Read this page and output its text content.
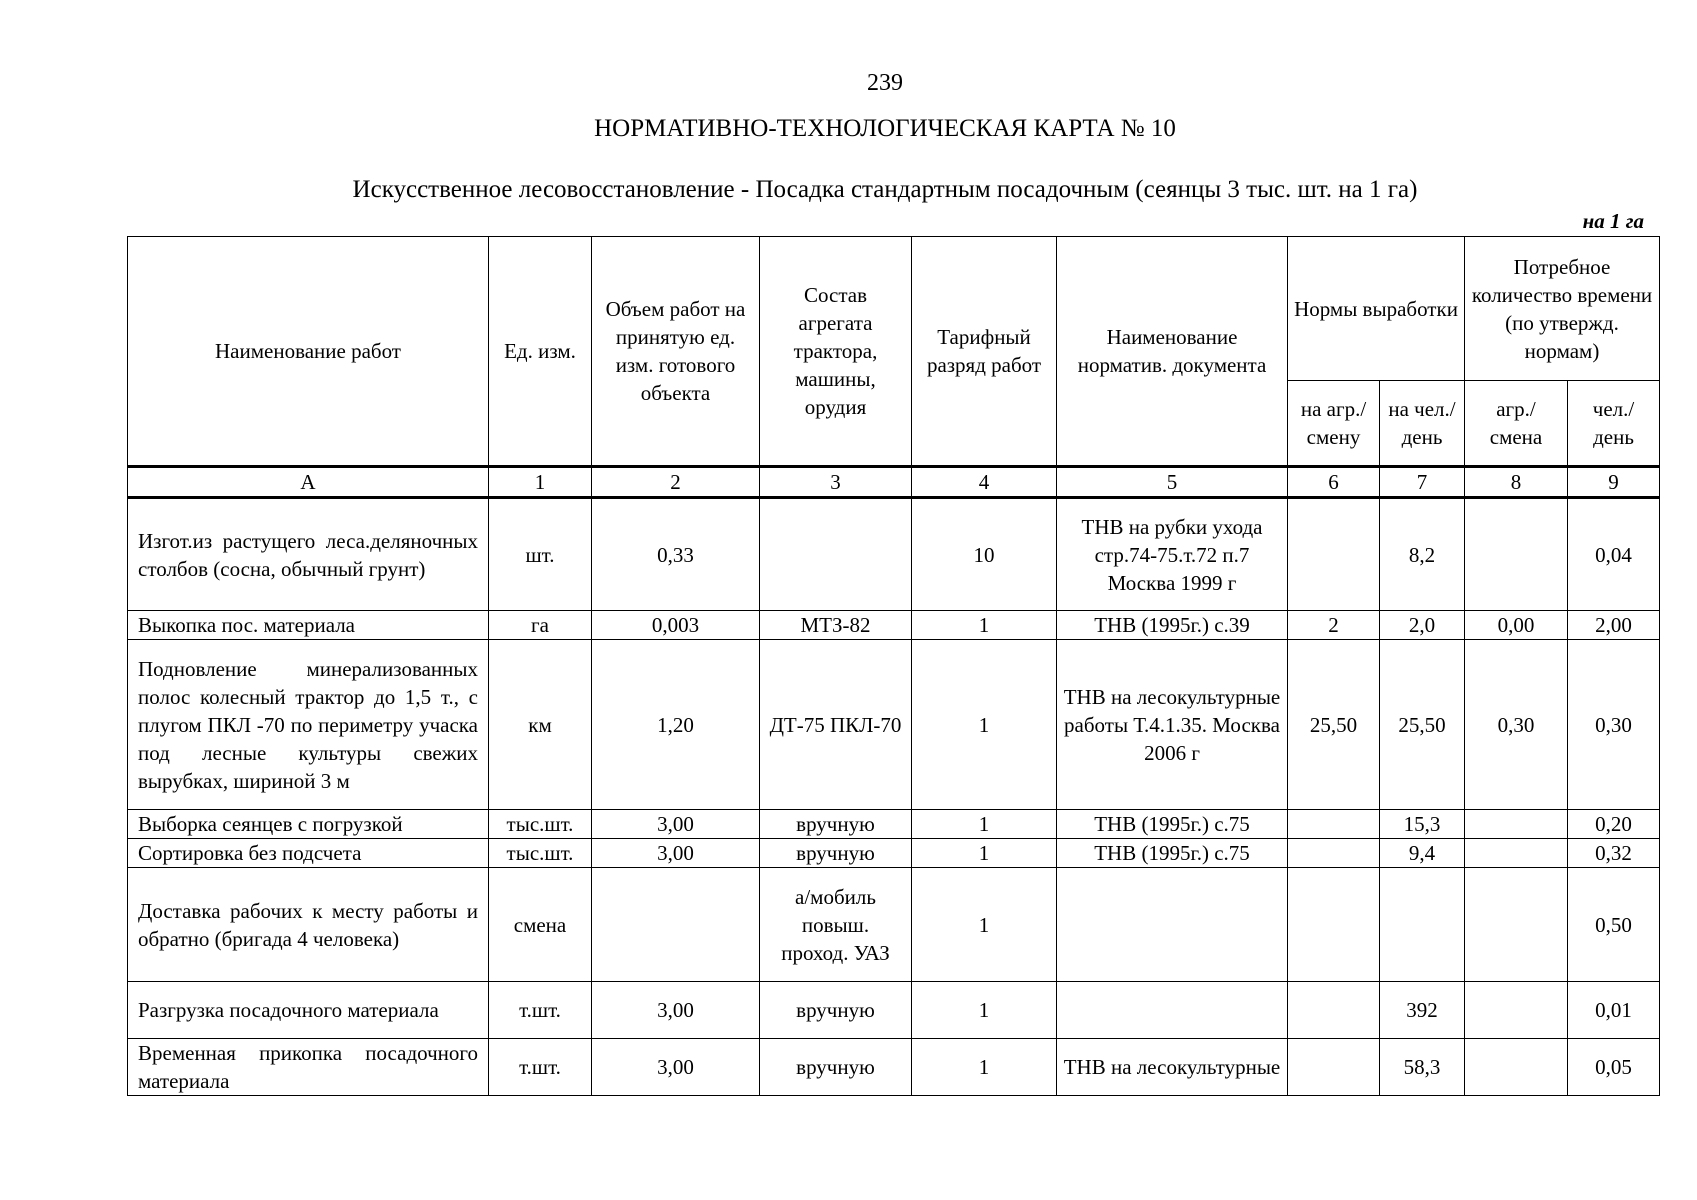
239
НОРМАТИВНО-ТЕХНОЛОГИЧЕСКАЯ КАРТА № 10
Искусственное лесовосстановление - Посадка стандартным посадочным (сеянцы 3 тыс. шт. на 1 га)
на 1 га
Наименование работ	Ед. изм.	Объем работ на принятую ед. изм. готового объекта	Состав агрегата трактора, машины, орудия	Тарифный разряд работ	Наименование норматив. документа	Нормы выработки		Потребное количество времени (по утвержд. нормам)	
						на агр./ смену	на чел./ день	агр./ смена	чел./ день
А	1	2	3	4	5	6	7	8	9
Изгот.из растущего леса.деляночных столбов (сосна, обычный грунт)	шт.	0,33		10	ТНВ на рубки ухода стр.74-75.т.72 п.7 Москва 1999 г		8,2		0,04
Выкопка пос. материала	га	0,003	МТЗ-82	1	ТНВ (1995г.) с.39	2	2,0	0,00	2,00
Подновление минерализованных полос колесный трактор до 1,5 т., с плугом ПКЛ -70 по периметру учаска под лесные культуры свежих вырубках, шириной 3 м	км	1,20	ДТ-75 ПКЛ-70	1	ТНВ на лесокультурные работы Т.4.1.35. Москва 2006 г	25,50	25,50	0,30	0,30
Выборка сеянцев с погрузкой	тыс.шт.	3,00	вручную	1	ТНВ (1995г.) с.75		15,3		0,20
Сортировка без подсчета	тыс.шт.	3,00	вручную	1	ТНВ (1995г.) с.75		9,4		0,32
Доставка рабочих к месту работы и обратно (бригада 4 человека)	смена		а/мобиль повыш. проход. УАЗ	1					0,50
Разгрузка посадочного материала	т.шт.	3,00	вручную	1			392		0,01
Временная прикопка посадочного материала	т.шт.	3,00	вручную	1	ТНВ на лесокультурные		58,3		0,05
